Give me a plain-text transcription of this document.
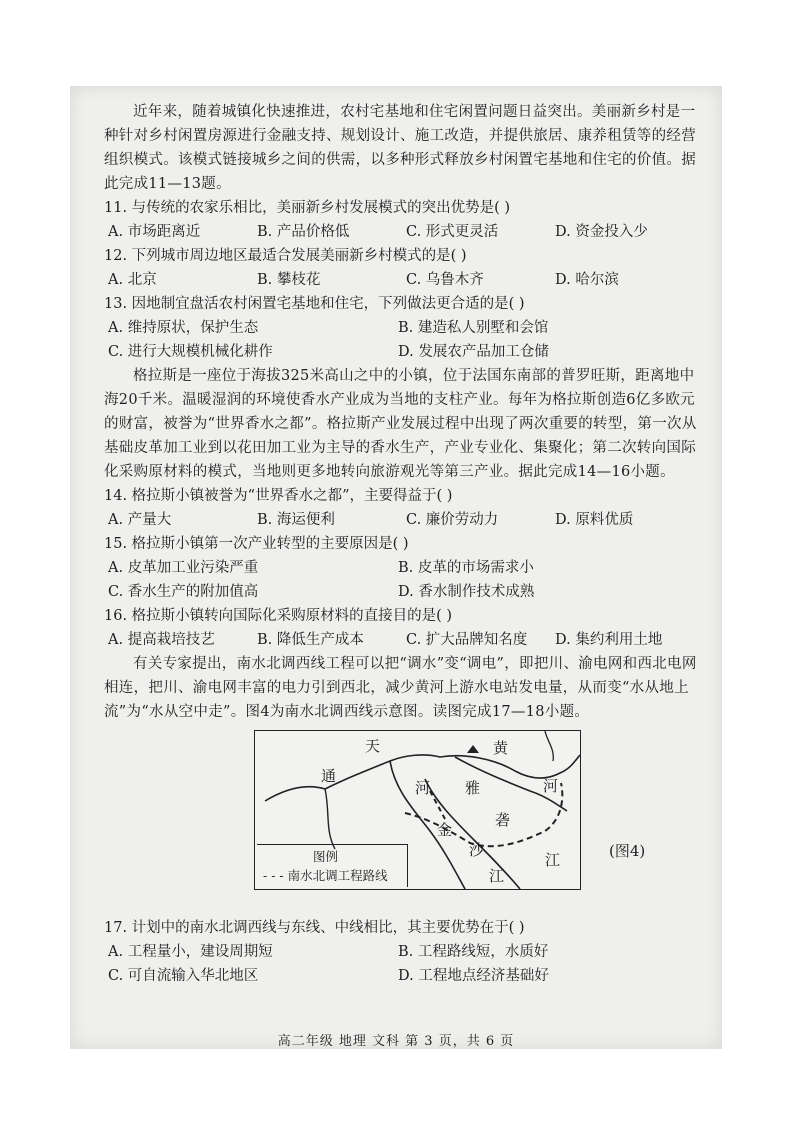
近年来，随着城镇化快速推进，农村宅基地和住宅闲置问题日益突出。美丽新乡村是一种针对乡村闲置房源进行金融支持、规划设计、施工改造，并提供旅居、康养租赁等的经营组织模式。该模式链接城乡之间的供需，以多种形式释放乡村闲置宅基地和住宅的价值。据此完成11—13题。

11. 与传统的农家乐相比，美丽新乡村发展模式的突出优势是( )

A. 市场距离近	B. 产品价格低	C. 形式更灵活	D. 资金投入少

12. 下列城市周边地区最适合发展美丽新乡村模式的是( )

A. 北京	B. 攀枝花	C. 乌鲁木齐	D. 哈尔滨

13. 因地制宜盘活农村闲置宅基地和住宅，下列做法更合适的是( )

A. 维持原状，保护生态	B. 建造私人别墅和会馆
C. 进行大规模机械化耕作	D. 发展农产品加工仓储

格拉斯是一座位于海拔325米高山之中的小镇，位于法国东南部的普罗旺斯，距离地中海20千米。温暖湿润的环境使香水产业成为当地的支柱产业。每年为格拉斯创造6亿多欧元的财富，被誉为“世界香水之都”。格拉斯产业发展过程中出现了两次重要的转型，第一次从基础皮革加工业到以花田加工业为主导的香水生产，产业专业化、集聚化；第二次转向国际化采购原材料的模式，当地则更多地转向旅游观光等第三产业。据此完成14—16小题。

14. 格拉斯小镇被誉为“世界香水之都”，主要得益于( )

A. 产量大	B. 海运便利	C. 廉价劳动力	D. 原料优质

15. 格拉斯小镇第一次产业转型的主要原因是( )

A. 皮革加工业污染严重	B. 皮革的市场需求小
C. 香水生产的附加值高	D. 香水制作技术成熟

16. 格拉斯小镇转向国际化采购原材料的直接目的是( )

A. 提高栽培技艺	B. 降低生产成本	C. 扩大品牌知名度	D. 集约利用土地

有关专家提出，南水北调西线工程可以把“调水”变“调电”，即把川、渝电网和西北电网相连，把川、渝电网丰富的电力引到西北，减少黄河上游水电站发电量，从而变“水从地上流”为“水从空中走”。图4为南水北调西线示意图。读图完成17—18小题。

天
通
河
黄
河
雅
砻
金
沙
江
江
图例
- - - 南水北调工程路线
(图4)

17. 计划中的南水北调西线与东线、中线相比，其主要优势在于( )

A. 工程量小，建设周期短	B. 工程路线短，水质好
C. 可自流输入华北地区	D. 工程地点经济基础好
高二年级 地理 文科 第 3 页，共 6 页
